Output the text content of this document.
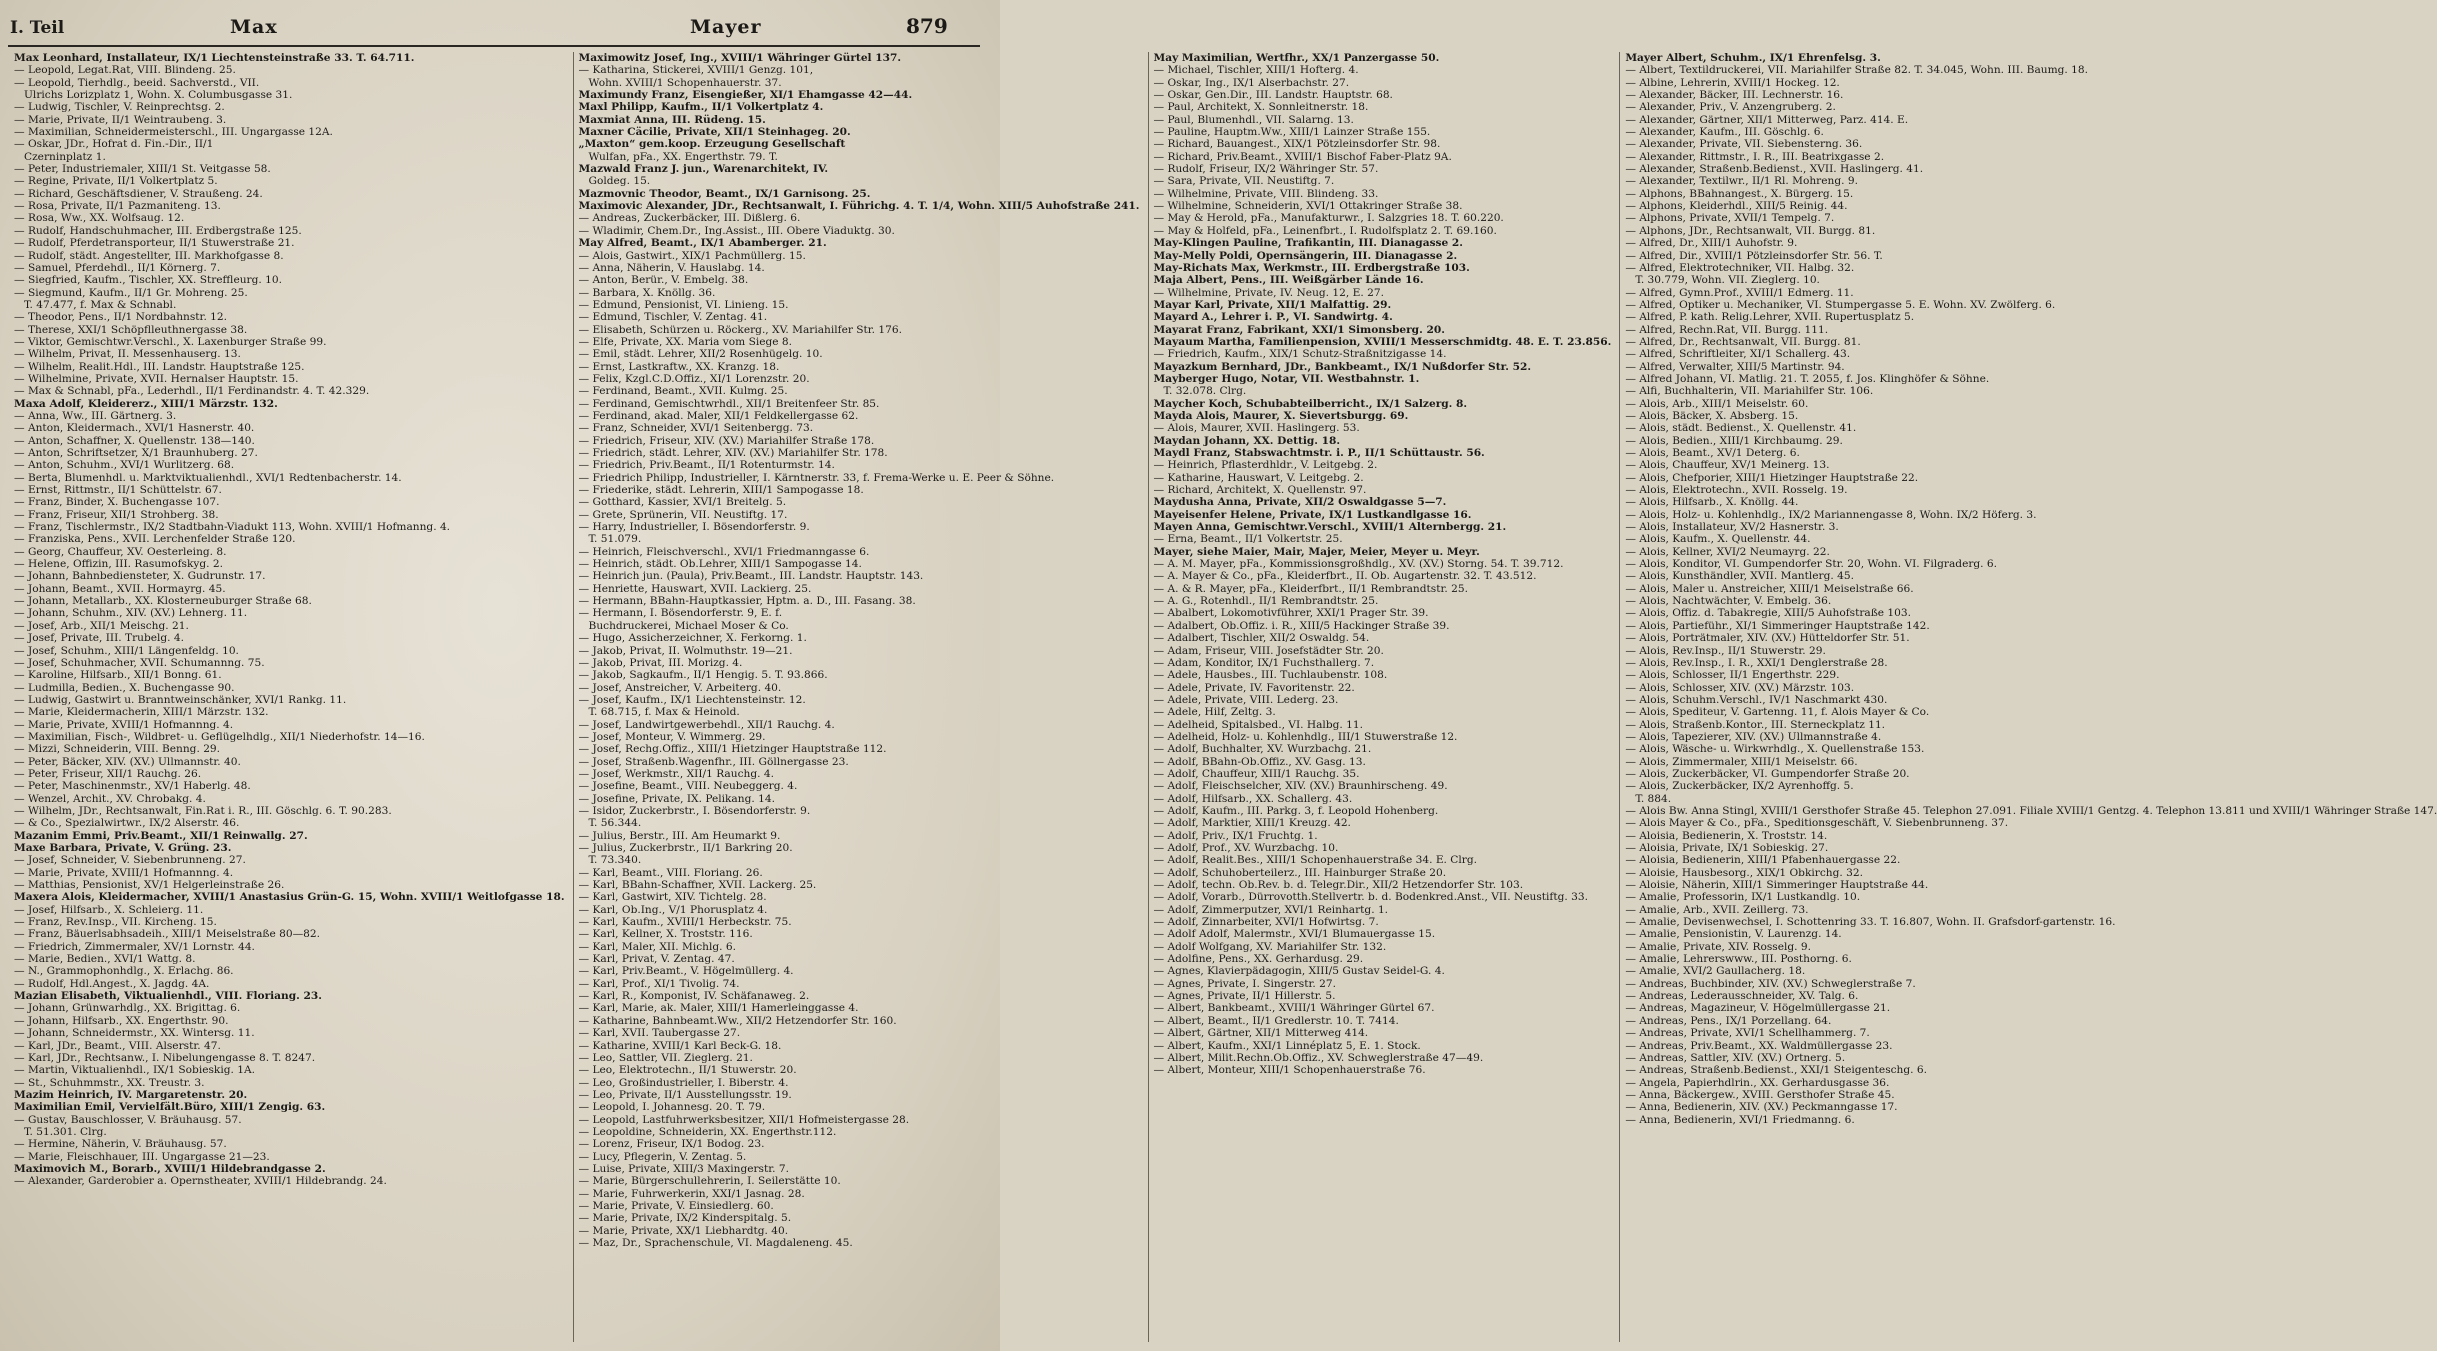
I. Teil	Max	Mayer	879
Max Leonhard, Installateur, IX/1 Liechtensteinstraße 33. T. 64.711.
— Leopold, Legat.Rat, VIII. Blindeng. 25.
— Leopold, Tierhdlg., beeid. Sachverstd., VII.
Ulrichs Lorizplatz 1, Wohn. X. Columbusgasse 31.
— Ludwig, Tischler, V. Reinprechtsg. 2.
— Marie, Private, II/1 Weintraubeng. 3.
— Maximilian, Schneidermeisterschl., III. Ungargasse 12A.
— Oskar, JDr., Hofrat d. Fin.-Dir., II/1
Czerninplatz 1.
— Peter, Industriemaler, XIII/1 St. Veitgasse 58.
— Regine, Private, II/1 Volkertplatz 5.
— Richard, Geschäftsdiener, V. Straußeng. 24.
— Rosa, Private, II/1 Pazmaniteng. 13.
— Rosa, Ww., XX. Wolfsaug. 12.
— Rudolf, Handschuhmacher, III. Erdbergstraße 125.
— Rudolf, Pferdetransporteur, II/1 Stuwerstraße 21.
— Rudolf, städt. Angestellter, III. Markhofgasse 8.
— Samuel, Pferdehdl., II/1 Körnerg. 7.
— Siegfried, Kaufm., Tischler, XX. Streffleurg. 10.
— Siegmund, Kaufm., II/1 Gr. Mohreng. 25.
T. 47.477, f. Max & Schnabl.
— Theodor, Pens., II/1 Nordbahnstr. 12.
— Therese, XXI/1 Schöpflleuthnergasse 38.
— Viktor, Gemischtwr.Verschl., X. Laxenburger Straße 99.
— Wilhelm, Privat, II. Messenhauserg. 13.
— Wilhelm, Realit.Hdl., III. Landstr. Hauptstraße 125.
— Wilhelmine, Private, XVII. Hernalser Hauptstr. 15.
— Max & Schnabl, pFa., Lederhdl., II/1 Ferdinandstr. 4. T. 42.329.
Maxa Adolf, Kleidererz., XIII/1 Märzstr. 132.
— Anna, Ww., III. Gärtnerg. 3.
— Anton, Kleidermach., XVI/1 Hasnerstr. 40.
— Anton, Schaffner, X. Quellenstr. 138—140.
— Anton, Schriftsetzer, X/1 Braunhuberg. 27.
— Anton, Schuhm., XVI/1 Wurlitzerg. 68.
— Berta, Blumenhdl. u. Marktviktualienhdl., XVI/1 Redtenbacherstr. 14.
— Ernst, Rittmstr., II/1 Schüttelstr. 67.
— Franz, Binder, X. Buchengasse 107.
— Franz, Friseur, XII/1 Strohberg. 38.
— Franz, Tischlermstr., IX/2 Stadtbahn-Viadukt 113, Wohn. XVIII/1 Hofmanng. 4.
— Franziska, Pens., XVII. Lerchenfelder Straße 120.
— Georg, Chauffeur, XV. Oesterleing. 8.
— Helene, Offizin, III. Rasumofskyg. 2.
— Johann, Bahnbediensteter, X. Gudrunstr. 17.
— Johann, Beamt., XVII. Hormayrg. 45.
— Johann, Metallarb., XX. Klosterneuburger Straße 68.
— Johann, Schuhm., XIV. (XV.) Lehnerg. 11.
— Josef, Arb., XII/1 Meischg. 21.
— Josef, Private, III. Trubelg. 4.
— Josef, Schuhm., XIII/1 Längenfeldg. 10.
— Josef, Schuhmacher, XVII. Schumannng. 75.
— Karoline, Hilfsarb., XII/1 Bonng. 61.
— Ludmilla, Bedien., X. Buchengasse 90.
— Ludwig, Gastwirt u. Branntweinschänker, XVI/1 Rankg. 11.
— Marie, Kleidermacherin, XIII/1 Märzstr. 132.
— Marie, Private, XVIII/1 Hofmannng. 4.
— Maximilian, Fisch-, Wildbret- u. Geflügelhdlg., XII/1 Niederhofstr. 14—16.
— Mizzi, Schneiderin, VIII. Benng. 29.
— Peter, Bäcker, XIV. (XV.) Ullmannstr. 40.
— Peter, Friseur, XII/1 Rauchg. 26.
— Peter, Maschinenmstr., XV/1 Haberlg. 48.
— Wenzel, Archit., XV. Chrobakg. 4.
— Wilhelm, JDr., Rechtsanwalt, Fin.Rat i. R., III. Göschlg. 6. T. 90.283.
— & Co., Spezialwirtwr., IX/2 Alserstr. 46.
Mazanim Emmi, Priv.Beamt., XII/1 Reinwallg. 27.
Maxe Barbara, Private, V. Grüng. 23.
— Josef, Schneider, V. Siebenbrunneng. 27.
— Marie, Private, XVIII/1 Hofmannng. 4.
— Matthias, Pensionist, XV/1 Helgerleinstraße 26.
Maxera Alois, Kleidermacher, XVIII/1 Anastasius Grün-G. 15, Wohn. XVIII/1 Weitlofgasse 18.
— Josef, Hilfsarb., X. Schleierg. 11.
— Franz, Rev.Insp., VII. Kircheng. 15.
— Franz, Bäuerlsabhsadeih., XIII/1 Meiselstraße 80—82.
— Friedrich, Zimmermaler, XV/1 Lornstr. 44.
— Marie, Bedien., XVI/1 Wattg. 8.
— N., Grammophonhdlg., X. Erlachg. 86.
— Rudolf, Hdl.Angest., X. Jagdg. 4A.
Mazian Elisabeth, Viktualienhdl., VIII. Floriang. 23.
— Johann, Grünwarhdlg., XX. Brigittag. 6.
— Johann, Hilfsarb., XX. Engerthstr. 90.
— Johann, Schneidermstr., XX. Wintersg. 11.
— Karl, JDr., Beamt., VIII. Alserstr. 47.
— Karl, JDr., Rechtsanw., I. Nibelungengasse 8. T. 8247.
— Martin, Viktualienhdl., IX/1 Sobieskig. 1A.
— St., Schuhmmstr., XX. Treustr. 3.
Mazim Heinrich, IV. Margaretenstr. 20.
Maximilian Emil, Vervielfält.Büro, XIII/1 Zengig. 63.
— Gustav, Bauschlosser, V. Bräuhausg. 57.
T. 51.301. Clrg.
— Hermine, Näherin, V. Bräuhausg. 57.
— Marie, Fleischhauer, III. Ungargasse 21—23.
Maximovich M., Borarb., XVIII/1 Hildebrandgasse 2.
— Alexander, Garderobier a. Opernstheater, XVIII/1 Hildebrandg. 24.
Maximowitz Josef, Ing., XVIII/1 Währinger Gürtel 137.
— Katharina, Stickerei, XVIII/1 Genzg. 101,
Wohn. XVIII/1 Schopenhauerstr. 37.
Maximundy Franz, Eisengießer, XI/1 Ehamgasse 42—44.
Maxl Philipp, Kaufm., II/1 Volkertplatz 4.
Maxmiat Anna, III. Rüdeng. 15.
Maxner Cäcilie, Private, XII/1 Steinhageg. 20.
„Maxton“ gem.koop. Erzeugung Gesellschaft
Wulfan, pFa., XX. Engerthstr. 79. T.
Mazwald Franz J. jun., Warenarchitekt, IV.
Goldeg. 15.
Mazmovnic Theodor, Beamt., IX/1 Garnisong. 25.
Maximovic Alexander, JDr., Rechtsanwalt, I. Führichg. 4. T. 1/4, Wohn. XIII/5 Auhofstraße 241.
— Andreas, Zuckerbäcker, III. Dißlerg. 6.
— Wladimir, Chem.Dr., Ing.Assist., III. Obere Viaduktg. 30.
May Alfred, Beamt., IX/1 Abamberger. 21.
— Alois, Gastwirt., XIX/1 Pachmüllerg. 15.
— Anna, Näherin, V. Hauslabg. 14.
— Anton, Berür., V. Embelg. 38.
— Barbara, X. Knöllg. 36.
— Edmund, Pensionist, VI. Linieng. 15.
— Edmund, Tischler, V. Zentag. 41.
— Elisabeth, Schürzen u. Röckerg., XV. Mariahilfer Str. 176.
— Elfe, Private, XX. Maria vom Siege 8.
— Emil, städt. Lehrer, XII/2 Rosenhügelg. 10.
— Ernst, Lastkraftw., XX. Kranzg. 18.
— Felix, Kzgl.C.D.Offiz., XI/1 Lorenzstr. 20.
— Ferdinand, Beamt., XVII. Kulmg. 25.
— Ferdinand, Gemischtwrhdl., XII/1 Breitenfeer Str. 85.
— Ferdinand, akad. Maler, XII/1 Feldkellergasse 62.
— Franz, Schneider, XVI/1 Seitenbergg. 73.
— Friedrich, Friseur, XIV. (XV.) Mariahilfer Straße 178.
— Friedrich, städt. Lehrer, XIV. (XV.) Mariahilfer Str. 178.
— Friedrich, Priv.Beamt., II/1 Rotenturmstr. 14.
— Friedrich Philipp, Industrieller, I. Kärntnerstr. 33, f. Frema-Werke u. E. Peer & Söhne.
— Friederike, städt. Lehrerin, XIII/1 Sampogasse 18.
— Gotthard, Kassier, XVI/1 Breitelg. 5.
— Grete, Sprünerin, VII. Neustiftg. 17.
— Harry, Industrieller, I. Bösendorferstr. 9.
T. 51.079.
— Heinrich, Fleischverschl., XVI/1 Friedmanngasse 6.
— Heinrich, städt. Ob.Lehrer, XIII/1 Sampogasse 14.
— Heinrich jun. (Paula), Priv.Beamt., III. Landstr. Hauptstr. 143.
— Henriette, Hauswart, XVII. Lackierg. 25.
— Hermann, BBahn-Hauptkassier, Hptm. a. D., III. Fasang. 38.
— Hermann, I. Bösendorferstr. 9, E. f.
Buchdruckerei, Michael Moser & Co.
— Hugo, Assicherzeichner, X. Ferkorng. 1.
— Jakob, Privat, II. Wolmuthstr. 19—21.
— Jakob, Privat, III. Morizg. 4.
— Jakob, Sagkaufm., II/1 Hengig. 5. T. 93.866.
— Josef, Anstreicher, V. Arbeiterg. 40.
— Josef, Kaufm., IX/1 Liechtensteinstr. 12.
T. 68.715, f. Max & Heinold.
— Josef, Landwirtgewerbehdl., XII/1 Rauchg. 4.
— Josef, Monteur, V. Wimmerg. 29.
— Josef, Rechg.Offiz., XIII/1 Hietzinger Hauptstraße 112.
— Josef, Straßenb.Wagenfhr., III. Göllnergasse 23.
— Josef, Werkmstr., XII/1 Rauchg. 4.
— Josefine, Beamt., VIII. Neubeggerg. 4.
— Josefine, Private, IX. Pelikang. 14.
— Isidor, Zuckerbrstr., I. Bösendorferstr. 9.
T. 56.344.
— Julius, Berstr., III. Am Heumarkt 9.
— Julius, Zuckerbrstr., II/1 Barkring 20.
T. 73.340.
— Karl, Beamt., VIII. Floriang. 26.
— Karl, BBahn-Schaffner, XVII. Lackerg. 25.
— Karl, Gastwirt, XIV. Tichtelg. 28.
— Karl, Ob.Ing., V/1 Phorusplatz 4.
— Karl, Kaufm., XVIII/1 Herbeckstr. 75.
— Karl, Kellner, X. Troststr. 116.
— Karl, Maler, XII. Michlg. 6.
— Karl, Privat, V. Zentag. 47.
— Karl, Priv.Beamt., V. Högelmüllerg. 4.
— Karl, Prof., XI/1 Tivolig. 74.
— Karl, R., Komponist, IV. Schäfanaweg. 2.
— Karl, Marie, ak. Maler, XIII/1 Hamerleinggasse 4.
— Katharine, Bahnbeamt.Ww., XII/2 Hetzendorfer Str. 160.
— Karl, XVII. Taubergasse 27.
— Katharine, XVIII/1 Karl Beck-G. 18.
— Leo, Sattler, VII. Zieglerg. 21.
— Leo, Elektrotechn., II/1 Stuwerstr. 20.
— Leo, Großindustrieller, I. Biberstr. 4.
— Leo, Private, II/1 Ausstellungsstr. 19.
— Leopold, I. Johannesg. 20. T. 79.
— Leopold, Lastfuhrwerksbesitzer, XII/1 Hofmeistergasse 28.
— Leopoldine, Schneiderin, XX. Engerthstr.112.
— Lorenz, Friseur, IX/1 Bodog. 23.
— Lucy, Pflegerin, V. Zentag. 5.
— Luise, Private, XIII/3 Maxingerstr. 7.
— Marie, Bürgerschullehrerin, I. Seilerstätte 10.
— Marie, Fuhrwerkerin, XXI/1 Jasnag. 28.
— Marie, Private, V. Einsiedlerg. 60.
— Marie, Private, IX/2 Kinderspitalg. 5.
— Marie, Private, XX/1 Liebhardtg. 40.
— Maz, Dr., Sprachenschule, VI. Magdaleneng. 45.
May Maximilian, Wertfhr., XX/1 Panzergasse 50.
— Michael, Tischler, XIII/1 Hofterg. 4.
— Oskar, Ing., IX/1 Alserbachstr. 27.
— Oskar, Gen.Dir., III. Landstr. Hauptstr. 68.
— Paul, Architekt, X. Sonnleitnerstr. 18.
— Paul, Blumenhdl., VII. Salarng. 13.
— Pauline, Hauptm.Ww., XIII/1 Lainzer Straße 155.
— Richard, Bauangest., XIX/1 Pötzleinsdorfer Str. 98.
— Richard, Priv.Beamt., XVIII/1 Bischof Faber-Platz 9A.
— Rudolf, Friseur, IX/2 Währinger Str. 57.
— Sara, Private, VII. Neustiftg. 7.
— Wilhelmine, Private, VIII. Blindeng. 33.
— Wilhelmine, Schneiderin, XVI/1 Ottakringer Straße 38.
— May & Herold, pFa., Manufakturwr., I. Salzgries 18. T. 60.220.
— May & Holfeld, pFa., Leinenfbrt., I. Rudolfsplatz 2. T. 69.160.
May-Klingen Pauline, Trafikantin, III. Dianagasse 2.
May-Melly Poldi, Opernsängerin, III. Dianagasse 2.
May-Richats Max, Werkmstr., III. Erdbergstraße 103.
Maja Albert, Pens., III. Weißgärber Lände 16.
— Wilhelmine, Private, IV. Neug. 12, E. 27.
Mayar Karl, Private, XII/1 Malfattig. 29.
Mayard A., Lehrer i. P., VI. Sandwirtg. 4.
Mayarat Franz, Fabrikant, XXI/1 Simonsberg. 20.
Mayaum Martha, Familienpension, XVIII/1 Messerschmidtg. 48. E. T. 23.856.
— Friedrich, Kaufm., XIX/1 Schutz-Straßnitzigasse 14.
Mayazkum Bernhard, JDr., Bankbeamt., IX/1 Nußdorfer Str. 52.
Mayberger Hugo, Notar, VII. Westbahnstr. 1.
T. 32.078. Clrg.
Maycher Koch, Schubabteilberricht., IX/1 Salzerg. 8.
Mayda Alois, Maurer, X. Sievertsburgg. 69.
— Alois, Maurer, XVII. Haslingerg. 53.
Maydan Johann, XX. Dettig. 18.
Maydl Franz, Stabswachtmstr. i. P., II/1 Schüttaustr. 56.
— Heinrich, Pflasterdhldr., V. Leitgebg. 2.
— Katharine, Hauswart, V. Leitgebg. 2.
— Richard, Architekt, X. Quellenstr. 97.
Maydusha Anna, Private, XII/2 Oswaldgasse 5—7.
Mayeisenfer Helene, Private, IX/1 Lustkandlgasse 16.
Mayen Anna, Gemischtwr.Verschl., XVIII/1 Alternbergg. 21.
— Erna, Beamt., II/1 Volkertstr. 25.
Mayer, siehe Maier, Mair, Majer, Meier, Meyer u. Meyr.
— A. M. Mayer, pFa., Kommissionsgroßhdlg., XV. (XV.) Storng. 54. T. 39.712.
— A. Mayer & Co., pFa., Kleiderfbrt., II. Ob. Augartenstr. 32. T. 43.512.
— A. & R. Mayer, pFa., Kleiderfbrt., II/1 Rembrandtstr. 25.
— A. G., Rotenhdl., II/1 Rembrandtstr. 25.
— Abalbert, Lokomotivführer, XXI/1 Prager Str. 39.
— Adalbert, Ob.Offiz. i. R., XIII/5 Hackinger Straße 39.
— Adalbert, Tischler, XII/2 Oswaldg. 54.
— Adam, Friseur, VIII. Josefstädter Str. 20.
— Adam, Konditor, IX/1 Fuchsthallerg. 7.
— Adele, Hausbes., III. Tuchlaubenstr. 108.
— Adele, Private, IV. Favoritenstr. 22.
— Adele, Private, VIII. Lederg. 23.
— Adele, Hilf, Zeltg. 3.
— Adelheid, Spitalsbed., VI. Halbg. 11.
— Adelheid, Holz- u. Kohlenhdlg., III/1 Stuwerstraße 12.
— Adolf, Buchhalter, XV. Wurzbachg. 21.
— Adolf, BBahn-Ob.Offiz., XV. Gasg. 13.
— Adolf, Chauffeur, XIII/1 Rauchg. 35.
— Adolf, Fleischselcher, XIV. (XV.) Braunhirscheng. 49.
— Adolf, Hilfsarb., XX. Schallerg. 43.
— Adolf, Kaufm., III. Parkg. 3, f. Leopold Hohenberg.
— Adolf, Marktier, XIII/1 Kreuzg. 42.
— Adolf, Priv., IX/1 Fruchtg. 1.
— Adolf, Prof., XV. Wurzbachg. 10.
— Adolf, Realit.Bes., XIII/1 Schopenhauerstraße 34. E. Clrg.
— Adolf, Schuhoberteilerz., III. Hainburger Straße 20.
— Adolf, techn. Ob.Rev. b. d. Telegr.Dir., XII/2 Hetzendorfer Str. 103.
— Adolf, Vorarb., Dürrovotth.Stellvertr. b. d. Bodenkred.Anst., VII. Neustiftg. 33.
— Adolf, Zimmerputzer, XVI/1 Reinhartg. 1.
— Adolf, Zinnarbeiter, XVI/1 Hofwirtsg. 7.
— Adolf Adolf, Malermstr., XVI/1 Blumauergasse 15.
— Adolf Wolfgang, XV. Mariahilfer Str. 132.
— Adolfine, Pens., XX. Gerhardusg. 29.
— Agnes, Klavierpädagogin, XIII/5 Gustav Seidel-G. 4.
— Agnes, Private, I. Singerstr. 27.
— Agnes, Private, II/1 Hillerstr. 5.
— Albert, Bankbeamt., XVIII/1 Währinger Gürtel 67.
— Albert, Beamt., II/1 Gredlerstr. 10. T. 7414.
— Albert, Gärtner, XII/1 Mitterweg 414.
— Albert, Kaufm., XXI/1 Linnéplatz 5, E. 1. Stock.
— Albert, Milit.Rechn.Ob.Offiz., XV. Schweglerstraße 47—49.
— Albert, Monteur, XIII/1 Schopenhauerstraße 76.
Mayer Albert, Schuhm., IX/1 Ehrenfelsg. 3.
— Albert, Textildruckerei, VII. Mariahilfer Straße 82. T. 34.045, Wohn. III. Baumg. 18.
— Albine, Lehrerin, XVIII/1 Hockeg. 12.
— Alexander, Bäcker, III. Lechnerstr. 16.
— Alexander, Priv., V. Anzengruberg. 2.
— Alexander, Gärtner, XII/1 Mitterweg, Parz. 414. E.
— Alexander, Kaufm., III. Göschlg. 6.
— Alexander, Private, VII. Siebensterng. 36.
— Alexander, Rittmstr., I. R., III. Beatrixgasse 2.
— Alexander, Straßenb.Bedienst., XVII. Haslingerg. 41.
— Alexander, Textilwr., II/1 Rl. Mohreng. 9.
— Alphons, BBahnangest., X. Bürgerg. 15.
— Alphons, Kleiderhdl., XIII/5 Reinig. 44.
— Alphons, Private, XVII/1 Tempelg. 7.
— Alphons, JDr., Rechtsanwalt, VII. Burgg. 81.
— Alfred, Dr., XIII/1 Auhofstr. 9.
— Alfred, Dir., XVIII/1 Pötzleinsdorfer Str. 56. T.
— Alfred, Elektrotechniker, VII. Halbg. 32.
T. 30.779, Wohn. VII. Zieglerg. 10.
— Alfred, Gymn.Prof., XVIII/1 Edmerg. 11.
— Alfred, Optiker u. Mechaniker, VI. Stumpergasse 5. E. Wohn. XV. Zwölferg. 6.
— Alfred, P. kath. Relig.Lehrer, XVII. Rupertusplatz 5.
— Alfred, Rechn.Rat, VII. Burgg. 111.
— Alfred, Dr., Rechtsanwalt, VII. Burgg. 81.
— Alfred, Schriftleiter, XI/1 Schallerg. 43.
— Alfred, Verwalter, XIII/5 Martinstr. 94.
— Alfred Johann, VI. Matlig. 21. T. 2055, f. Jos. Klinghöfer & Söhne.
— Alfi, Buchhalterin, VII. Mariahilfer Str. 106.
— Alois, Arb., XIII/1 Meiselstr. 60.
— Alois, Bäcker, X. Absberg. 15.
— Alois, städt. Bedienst., X. Quellenstr. 41.
— Alois, Bedien., XIII/1 Kirchbaumg. 29.
— Alois, Beamt., XV/1 Deterg. 6.
— Alois, Chauffeur, XV/1 Meinerg. 13.
— Alois, Chefporier, XIII/1 Hietzinger Hauptstraße 22.
— Alois, Elektrotechn., XVII. Rosselg. 19.
— Alois, Hilfsarb., X. Knöllg. 44.
— Alois, Holz- u. Kohlenhdlg., IX/2 Mariannengasse 8, Wohn. IX/2 Höferg. 3.
— Alois, Installateur, XV/2 Hasnerstr. 3.
— Alois, Kaufm., X. Quellenstr. 44.
— Alois, Kellner, XVI/2 Neumayrg. 22.
— Alois, Konditor, VI. Gumpendorfer Str. 20, Wohn. VI. Filgraderg. 6.
— Alois, Kunsthändler, XVII. Mantlerg. 45.
— Alois, Maler u. Anstreicher, XIII/1 Meiselstraße 66.
— Alois, Nachtwächter, V. Embelg. 36.
— Alois, Offiz. d. Tabakregie, XIII/5 Auhofstraße 103.
— Alois, Partieführ., XI/1 Simmeringer Hauptstraße 142.
— Alois, Porträtmaler, XIV. (XV.) Hütteldorfer Str. 51.
— Alois, Rev.Insp., II/1 Stuwerstr. 29.
— Alois, Rev.Insp., I. R., XXI/1 Denglerstraße 28.
— Alois, Schlosser, II/1 Engerthstr. 229.
— Alois, Schlosser, XIV. (XV.) Märzstr. 103.
— Alois, Schuhm.Verschl., IV/1 Naschmarkt 430.
— Alois, Spediteur, V. Gartenng. 11, f. Alois Mayer & Co.
— Alois, Straßenb.Kontor., III. Sterneckplatz 11.
— Alois, Tapezierer, XIV. (XV.) Ullmannstraße 4.
— Alois, Wäsche- u. Wirkwrhdlg., X. Quellenstraße 153.
— Alois, Zimmermaler, XIII/1 Meiselstr. 66.
— Alois, Zuckerbäcker, VI. Gumpendorfer Straße 20.
— Alois, Zuckerbäcker, IX/2 Ayrenhoffg. 5.
T. 884.
— Alois Bw. Anna Stingl, XVIII/1 Gersthofer Straße 45. Telephon 27.091. Filiale XVIII/1 Gentzg. 4. Telephon 13.811 und XVIII/1 Währinger Straße 147.
— Alois Mayer & Co., pFa., Speditionsgeschäft, V. Siebenbrunneng. 37.
— Aloisia, Bedienerin, X. Troststr. 14.
— Aloisia, Private, IX/1 Sobieskig. 27.
— Aloisia, Bedienerin, XIII/1 Pfabenhauergasse 22.
— Aloisie, Hausbesorg., XIX/1 Obkirchg. 32.
— Aloisie, Näherin, XIII/1 Simmeringer Hauptstraße 44.
— Amalie, Professorin, IX/1 Lustkandlg. 10.
— Amalie, Arb., XVII. Zeillerg. 73.
— Amalie, Devisenwechsel, I. Schottenring 33. T. 16.807, Wohn. II. Grafsdorf-gartenstr. 16.
— Amalie, Pensionistin, V. Laurenzg. 14.
— Amalie, Private, XIV. Rosselg. 9.
— Amalie, Lehrerswww., III. Posthorng. 6.
— Amalie, XVI/2 Gaullacherg. 18.
— Andreas, Buchbinder, XIV. (XV.) Schweglerstraße 7.
— Andreas, Lederausschneider, XV. Talg. 6.
— Andreas, Magazineur, V. Högelmüllergasse 21.
— Andreas, Pens., IX/1 Porzellang. 64.
— Andreas, Private, XVI/1 Schellhammerg. 7.
— Andreas, Priv.Beamt., XX. Waldmüllergasse 23.
— Andreas, Sattler, XIV. (XV.) Ortnerg. 5.
— Andreas, Straßenb.Bedienst., XXI/1 Steigenteschg. 6.
— Angela, Papierhdlrin., XX. Gerhardusgasse 36.
— Anna, Bäckergew., XVIII. Gersthofer Straße 45.
— Anna, Bedienerin, XIV. (XV.) Peckmanngasse 17.
— Anna, Bedienerin, XVI/1 Friedmanng. 6.
